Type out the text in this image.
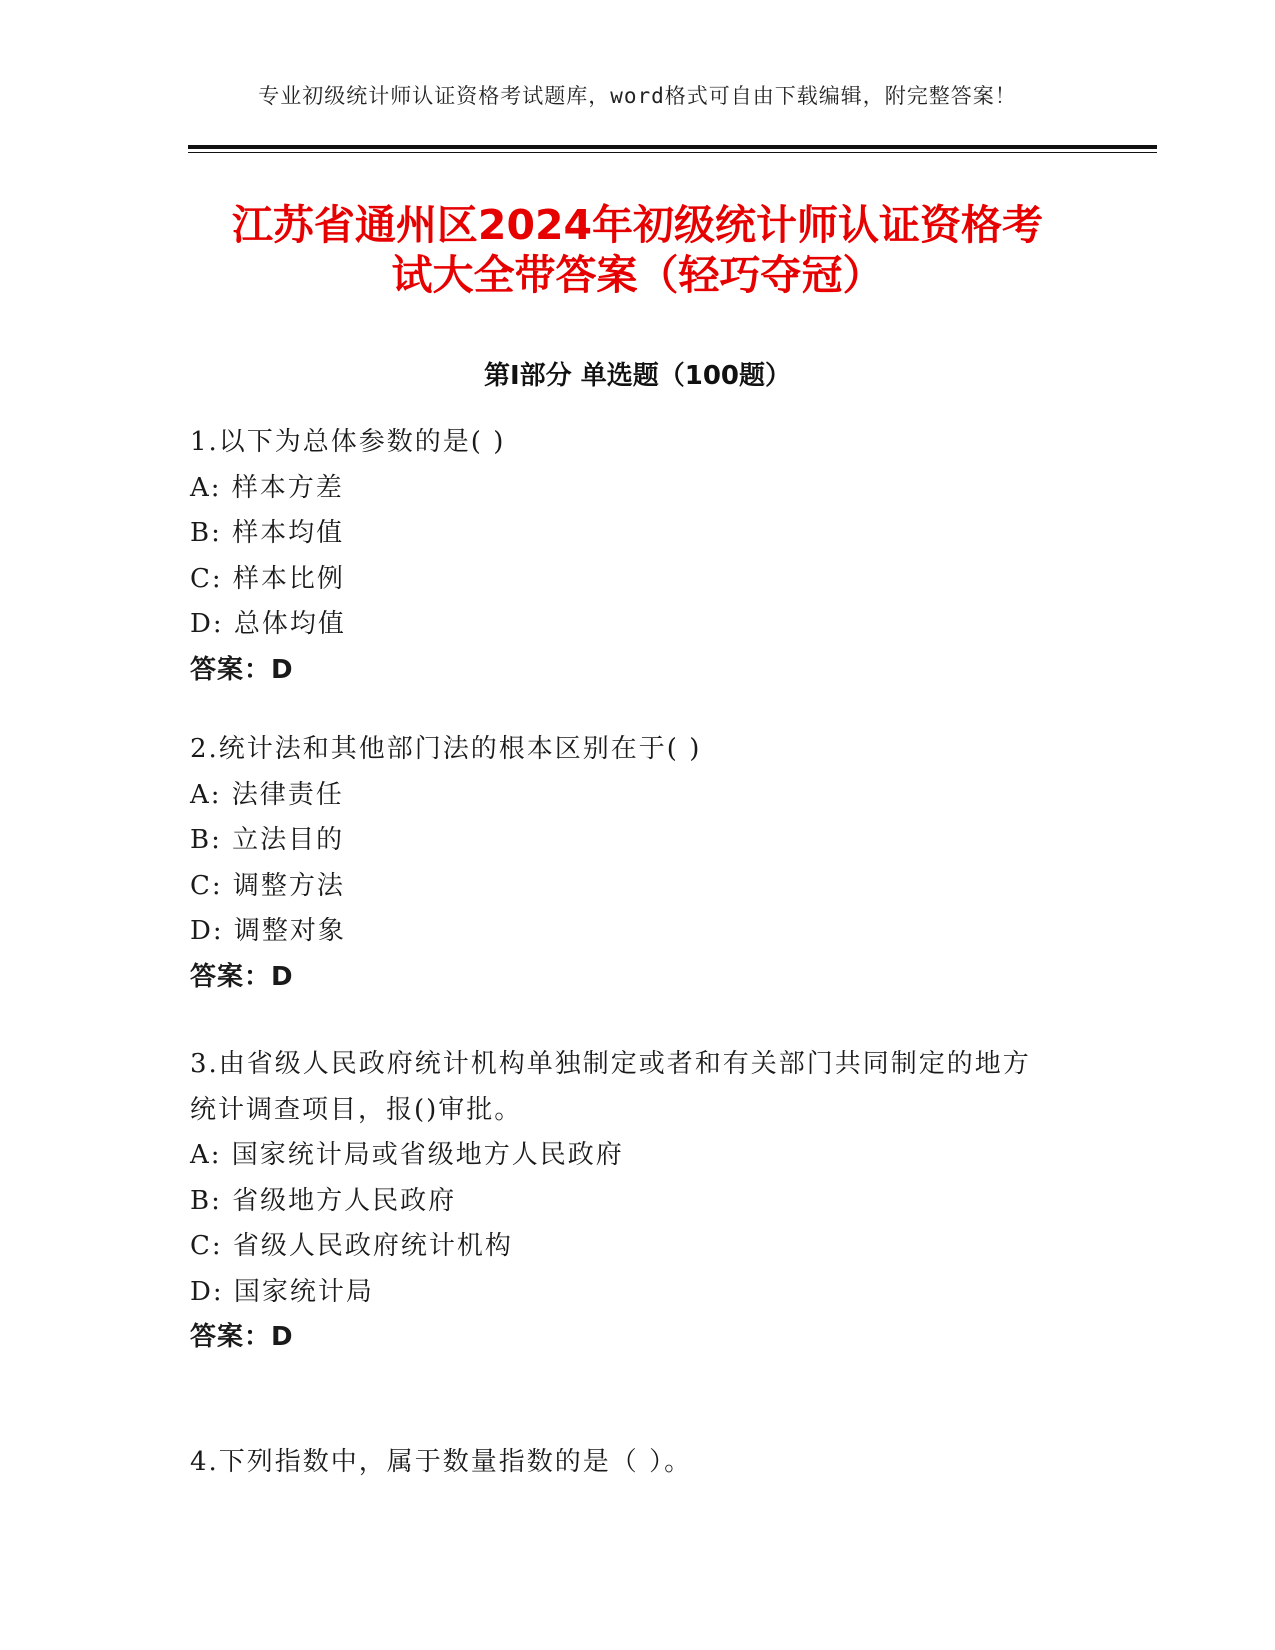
专业初级统计师认证资格考试题库，word格式可自由下载编辑，附完整答案！
江苏省通州区2024年初级统计师认证资格考
试大全带答案（轻巧夺冠）
第Ⅰ部分 单选题（100题）
1.以下为总体参数的是( )
A: 样本方差
B: 样本均值
C: 样本比例
D: 总体均值
答案：D
2.统计法和其他部门法的根本区别在于( )
A: 法律责任
B: 立法目的
C: 调整方法
D: 调整对象
答案：D
3.由省级人民政府统计机构单独制定或者和有关部门共同制定的地方
统计调查项目，报()审批。
A: 国家统计局或省级地方人民政府
B: 省级地方人民政府
C: 省级人民政府统计机构
D: 国家统计局
答案：D
4.下列指数中，属于数量指数的是（ ）。
